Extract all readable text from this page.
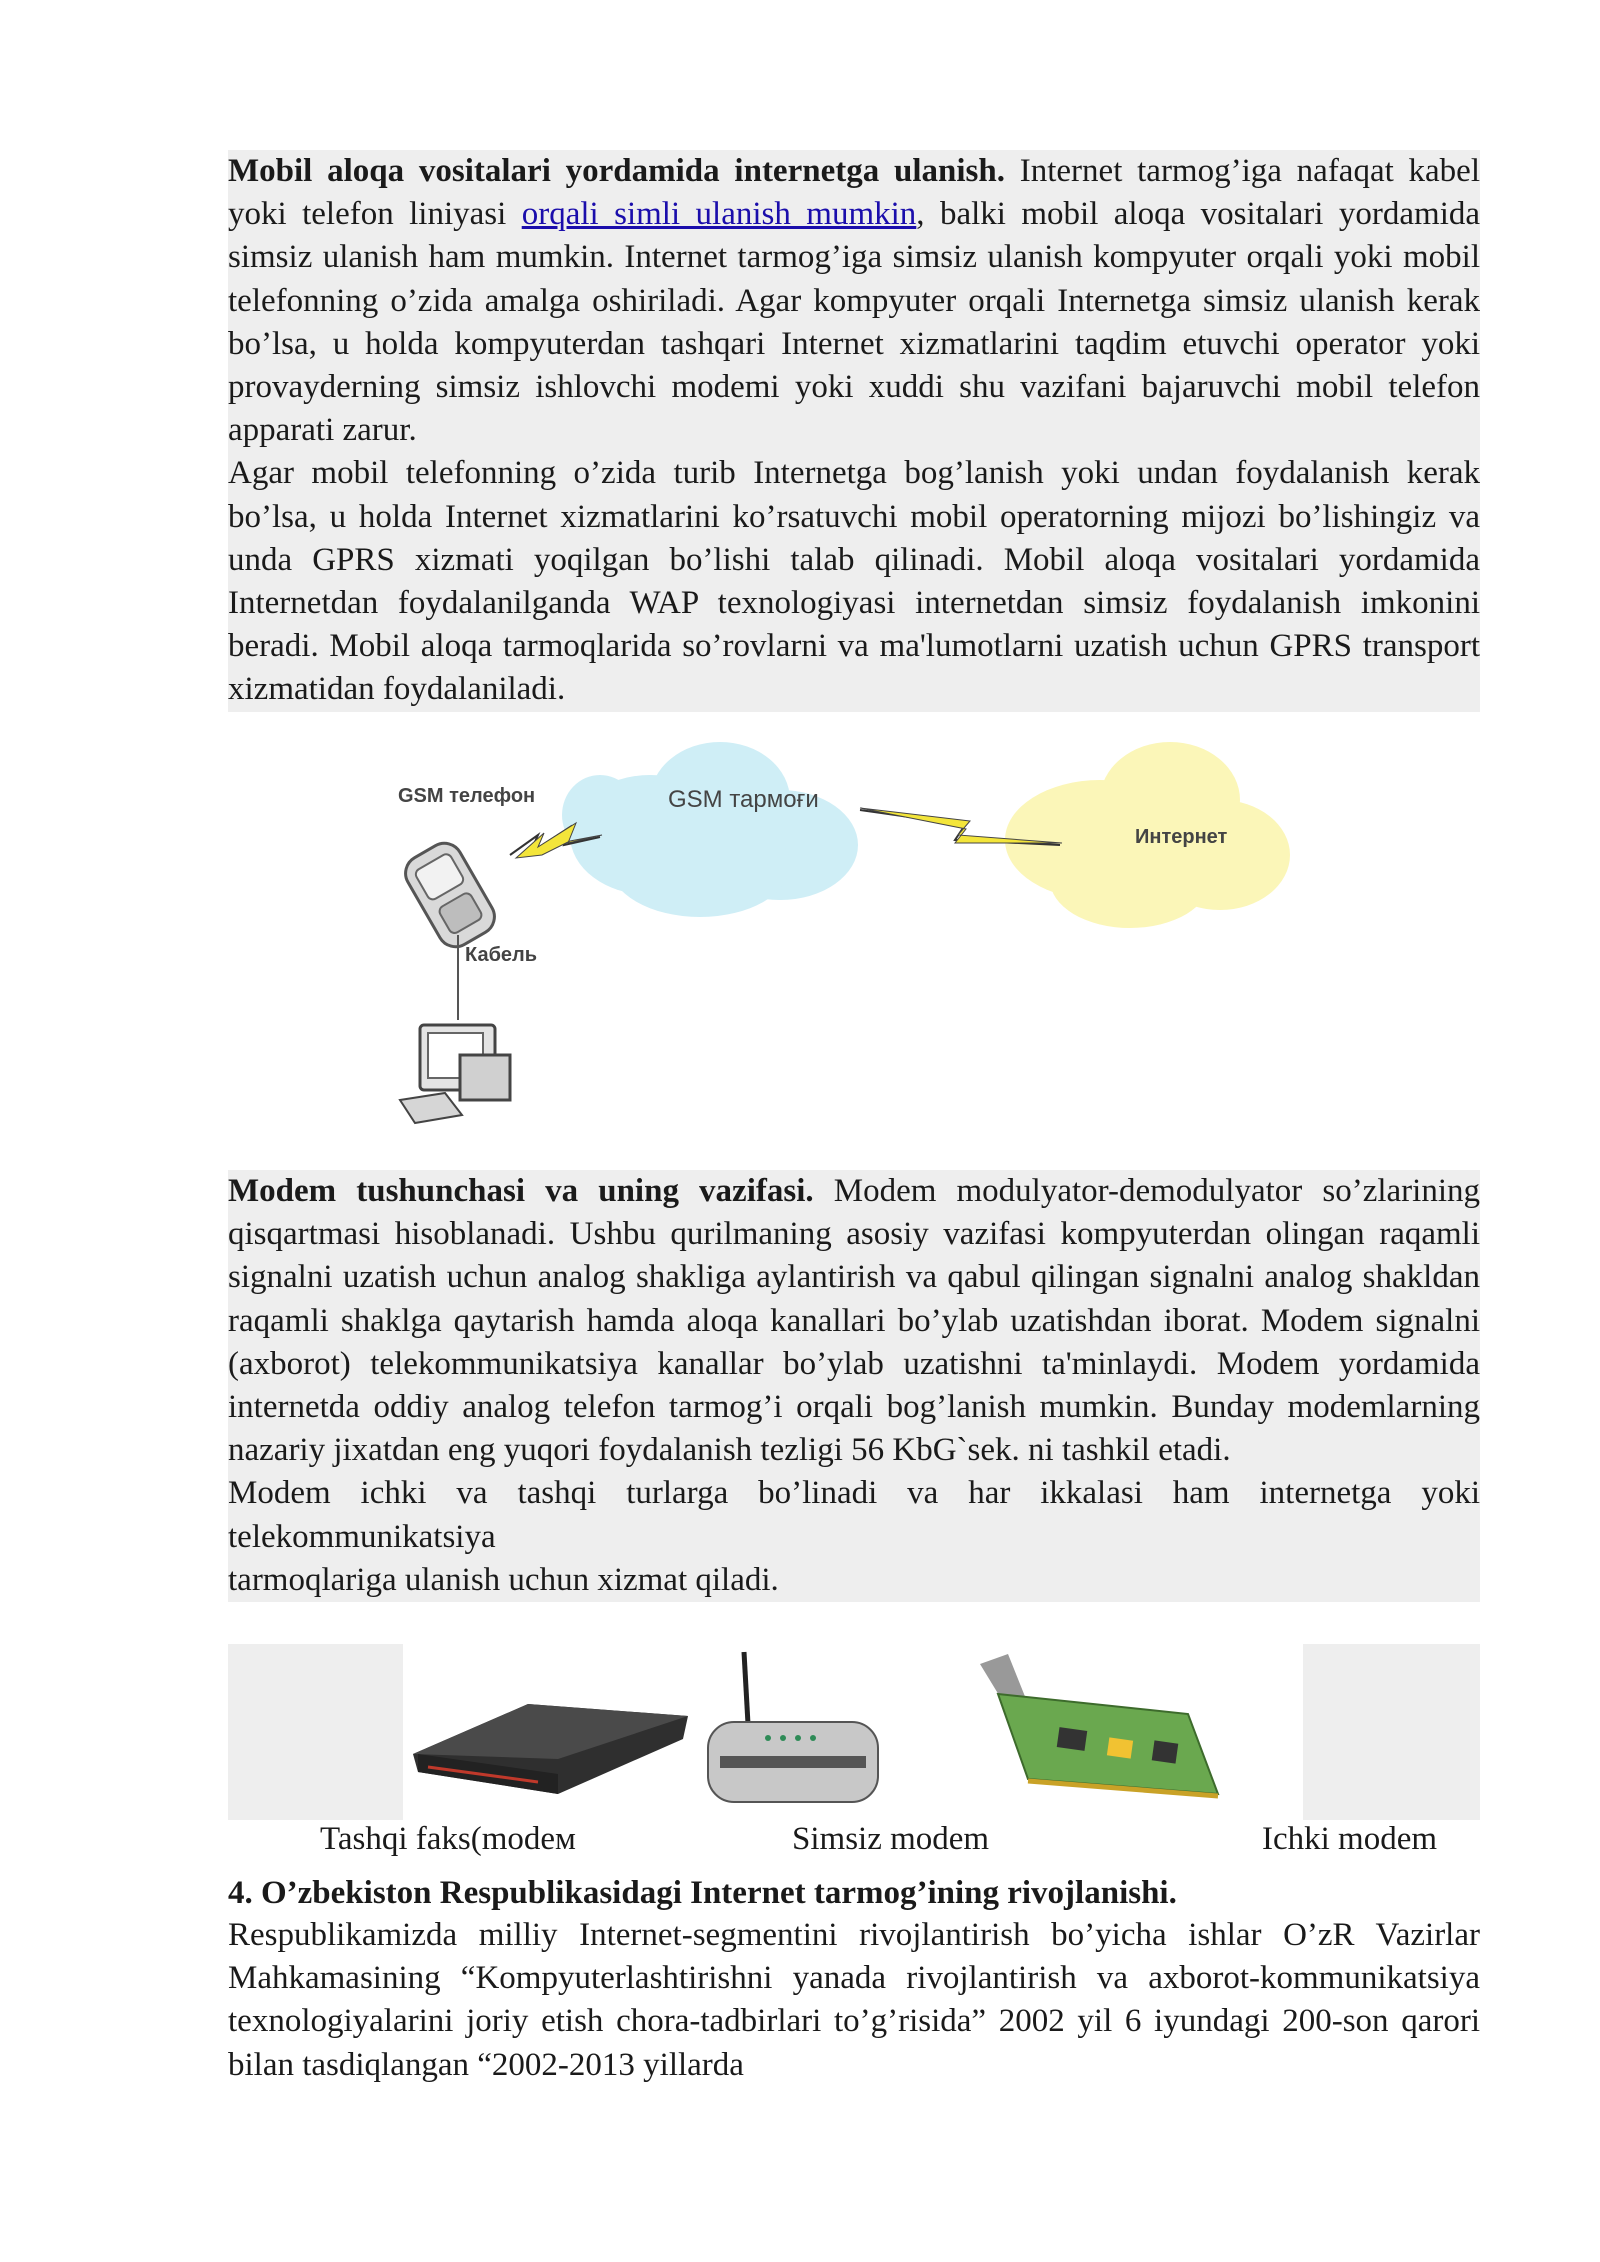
Mobil aloqa vositalari yordamida internetga ulanish. Internet tarmog’iga nafaqat kabel yoki telefon liniyasi orqali simli ulanish mumkin, balki mobil aloqa vositalari yordamida simsiz ulanish ham mumkin. Internet tarmog’iga simsiz ulanish kompyuter orqali yoki mobil telefonning o’zida amalga oshiriladi. Agar kompyuter orqali Internetga simsiz ulanish kerak bo’lsa, u holda kompyuterdan tashqari Internet xizmatlarini taqdim etuvchi operator yoki provayderning simsiz ishlovchi modemi yoki xuddi shu vazifani bajaruvchi mobil telefon apparati zarur.

Agar mobil telefonning o’zida turib Internetga bog’lanish yoki undan foydalanish kerak bo’lsa, u holda Internet xizmatlarini ko’rsatuvchi mobil operatorning mijozi bo’lishingiz va unda GPRS xizmati yoqilgan bo’lishi talab qilinadi. Mobil aloqa vositalari yordamida Internetdan foydalanilganda WAP texnologiyasi internetdan simsiz foydalanish imkonini beradi. Mobil aloqa tarmoqlarida so’rovlarni va ma'lumotlarni uzatish uchun GPRS transport xizmatidan foydalaniladi.

GSM телефон	GSM тармоғи
Интернет
Кабель

Modem tushunchasi va uning vazifasi. Modem modulyator-demodulyator so’zlarining qisqartmasi hisoblanadi. Ushbu qurilmaning asosiy vazifasi kompyuterdan olingan raqamli signalni uzatish uchun analog shakliga aylantirish va qabul qilingan signalni analog shakldan raqamli shaklga qaytarish hamda aloqa kanallari bo’ylab uzatishdan iborat. Modem signalni (axborot) telekommunikatsiya kanallar bo’ylab uzatishni ta'minlaydi. Modem yordamida internetda oddiy analog telefon tarmog’i orqali bog’lanish mumkin. Bunday modemlarning nazariy jixatdan eng yuqori foydalanish tezligi 56 KbG`sek. ni tashkil etadi.

Modem ichki va tashqi turlarga bo’linadi va har ikkalasi ham internetga yoki telekommunikatsiya

tarmoqlariga ulanish uchun xizmat qiladi.

Tashqi faks(modeм	Simsiz modem	Ichki modem

4. O’zbekiston Respublikasidagi Internet tarmog’ining rivojlanishi.

Respublikamizda milliy Internet-segmentini rivojlantirish bo’yicha ishlar O’zR Vazirlar Mahkamasining “Kompyuterlashtirishni yanada rivojlantirish va axborot-kommunikatsiya texnologiyalarini joriy etish chora-tadbirlari to’g’risida” 2002 yil 6 iyundagi 200-son qarori bilan tasdiqlangan “2002-2013 yillarda
